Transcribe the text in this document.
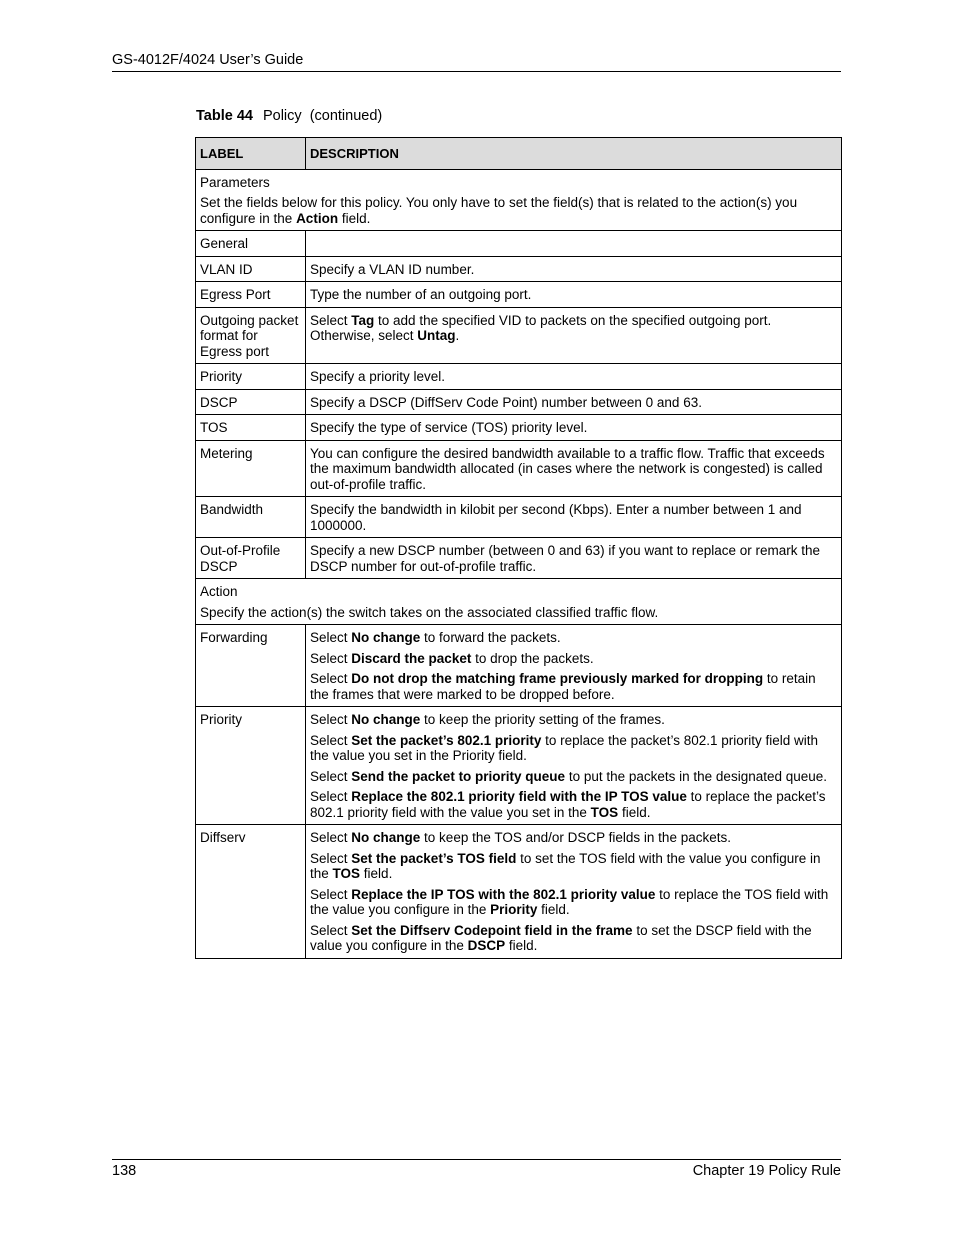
GS-4012F/4024 User’s Guide
Table 44 Policy  (continued)
LABEL	DESCRIPTION

Parameters
Set the fields below for this policy. You only have to set the field(s) that is related to the action(s) you configure in the Action field.	

General	
VLAN ID	Specify a VLAN ID number.

Egress Port	Type the number of an outgoing port.

Outgoing packet format for Egress port	Select Tag to add the specified VID to packets on the specified outgoing port. Otherwise, select Untag.

Priority	Specify a priority level.

DSCP	Specify a DSCP (DiffServ Code Point) number between 0 and 63.

TOS	Specify the type of service (TOS) priority level.

Metering	You can configure the desired bandwidth available to a traffic flow. Traffic that exceeds the maximum bandwidth allocated (in cases where the network is congested) is called out-of-profile traffic.

Bandwidth	Specify the bandwidth in kilobit per second (Kbps). Enter a number between 1 and 1000000.

Out-of-Profile DSCP	Specify a new DSCP number (between 0 and 63) if you want to replace or remark the DSCP number for out-of-profile traffic.

Action
Specify the action(s) the switch takes on the associated classified traffic flow.	

Forwarding	Select No change to forward the packets.
Select Discard the packet to drop the packets.
Select Do not drop the matching frame previously marked for dropping to retain the frames that were marked to be dropped before.

Priority	Select No change to keep the priority setting of the frames.
Select Set the packet’s 802.1 priority to replace the packet’s 802.1 priority field with the value you set in the Priority field.
Select Send the packet to priority queue to put the packets in the designated queue.
Select Replace the 802.1 priority field with the IP TOS value to replace the packet’s 802.1 priority field with the value you set in the TOS field.

Diffserv	Select No change to keep the TOS and/or DSCP fields in the packets.
Select Set the packet’s TOS field to set the TOS field with the value you configure in the TOS field.
Select Replace the IP TOS with the 802.1 priority value to replace the TOS field with the value you configure in the Priority field.
Select Set the Diffserv Codepoint field in the frame to set the DSCP field with the value you configure in the DSCP field.
138	Chapter 19 Policy Rule
